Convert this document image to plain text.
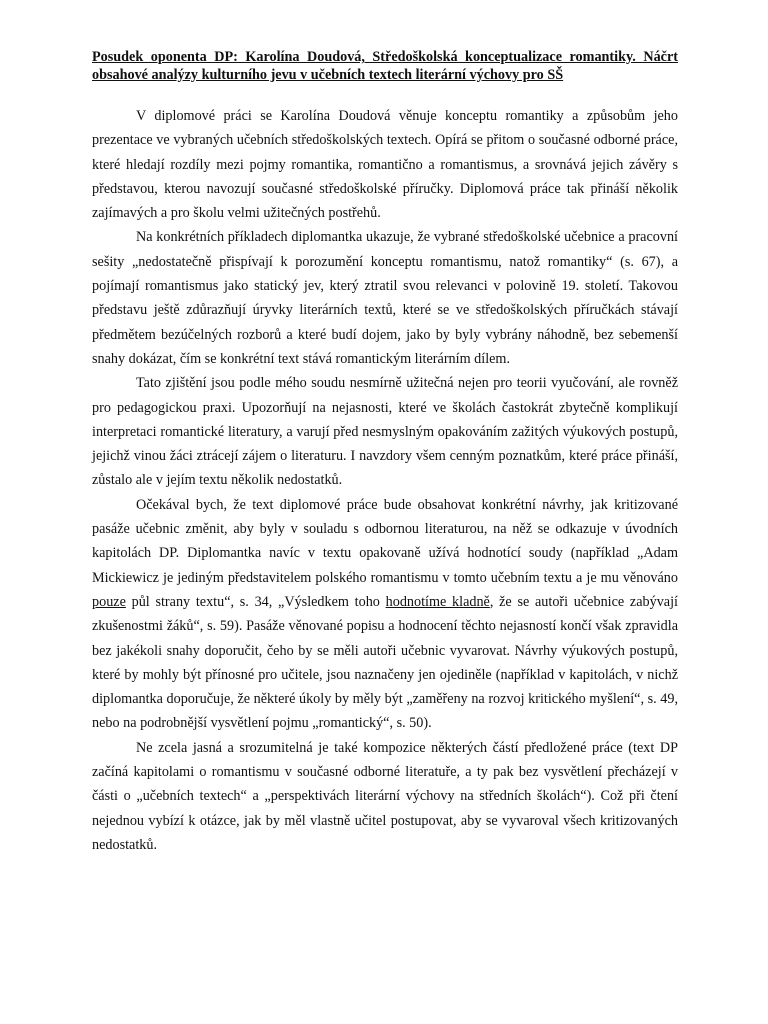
Posudek oponenta DP: Karolína Doudová, Středoškolská konceptualizace romantiky. Náčrt obsahové analýzy kulturního jevu v učebních textech literární výchovy pro SŠ

V diplomové práci se Karolína Doudová věnuje konceptu romantiky a způsobům jeho prezentace ve vybraných učebních středoškolských textech. Opírá se přitom o současné odborné práce, které hledají rozdíly mezi pojmy romantika, romantično a romantismus, a srovnává jejich závěry s představou, kterou navozují současné středoškolské příručky. Diplomová práce tak přináší několik zajímavých a pro školu velmi užitečných postřehů.

Na konkrétních příkladech diplomantka ukazuje, že vybrané středoškolské učebnice a pracovní sešity „nedostatečně přispívají k porozumění konceptu romantismu, natož romantiky“ (s. 67), a pojímají romantismus jako statický jev, který ztratil svou relevanci v polovině 19. století. Takovou představu ještě zdůrazňují úryvky literárních textů, které se ve středoškolských příručkách stávají předmětem bezúčelných rozborů a které budí dojem, jako by byly vybrány náhodně, bez sebemenší snahy dokázat, čím se konkrétní text stává romantickým literárním dílem.

Tato zjištění jsou podle mého soudu nesmírně užitečná nejen pro teorii vyučování, ale rovněž pro pedagogickou praxi. Upozorňují na nejasnosti, které ve školách častokrát zbytečně komplikují interpretaci romantické literatury, a varují před nesmyslným opakováním zažitých výukových postupů, jejichž vinou žáci ztrácejí zájem o literaturu. I navzdory všem cenným poznatkům, které práce přináší, zůstalo ale v jejím textu několik nedostatků.

Očekával bych, že text diplomové práce bude obsahovat konkrétní návrhy, jak kritizované pasáže učebnic změnit, aby byly v souladu s odbornou literaturou, na něž se odkazuje v úvodních kapitolách DP. Diplomantka navíc v textu opakovaně užívá hodnotící soudy (například „Adam Mickiewicz je jediným představitelem polského romantismu v tomto učebním textu a je mu věnováno pouze půl strany textu“, s. 34, „Výsledkem toho hodnotíme kladně, že se autoři učebnice zabývají zkušenostmi žáků“, s. 59). Pasáže věnované popisu a hodnocení těchto nejasností končí však zpravidla bez jakékoli snahy doporučit, čeho by se měli autoři učebnic vyvarovat. Návrhy výukových postupů, které by mohly být přínosné pro učitele, jsou naznačeny jen ojediněle (například v kapitolách, v nichž diplomantka doporučuje, že některé úkoly by měly být „zaměřeny na rozvoj kritického myšlení“, s. 49, nebo na podrobnější vysvětlení pojmu „romantický“, s. 50).

Ne zcela jasná a srozumitelná je také kompozice některých částí předložené práce (text DP začíná kapitolami o romantismu v současné odborné literatuře, a ty pak bez vysvětlení přecházejí v části o „učebních textech“ a „perspektivách literární výchovy na středních školách“). Což při čtení nejednou vybízí k otázce, jak by měl vlastně učitel postupovat, aby se vyvaroval všech kritizovaných nedostatků.
